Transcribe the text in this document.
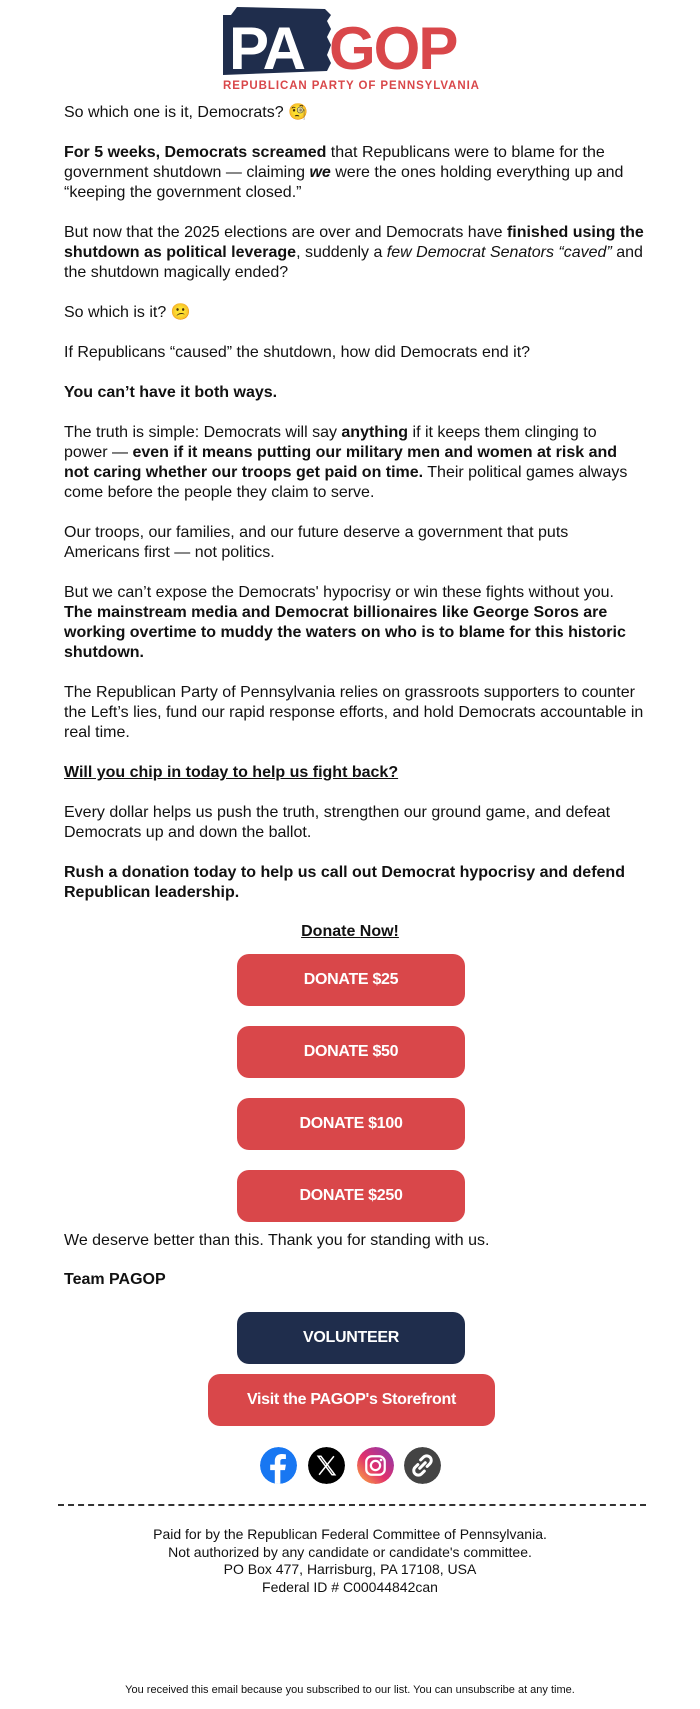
PA GOP
REPUBLICAN PARTY OF PENNSYLVANIA

So which one is it, Democrats? 🧐

For 5 weeks, Democrats screamed that Republicans were to blame for the government shutdown — claiming we were the ones holding everything up and “keeping the government closed.”

But now that the 2025 elections are over and Democrats have finished using the shutdown as political leverage, suddenly a few Democrat Senators “caved” and the shutdown magically ended?

So which is it? 😕

If Republicans “caused” the shutdown, how did Democrats end it?

You can’t have it both ways.

The truth is simple: Democrats will say anything if it keeps them clinging to power — even if it means putting our military men and women at risk and not caring whether our troops get paid on time. Their political games always come before the people they claim to serve.

Our troops, our families, and our future deserve a government that puts Americans first — not politics.

But we can’t expose the Democrats' hypocrisy or win these fights without you. The mainstream media and Democrat billionaires like George Soros are working overtime to muddy the waters on who is to blame for this historic shutdown.

The Republican Party of Pennsylvania relies on grassroots supporters to counter the Left’s lies, fund our rapid response efforts, and hold Democrats accountable in real time.

Will you chip in today to help us fight back?

Every dollar helps us push the truth, strengthen our ground game, and defeat Democrats up and down the ballot.

Rush a donation today to help us call out Democrat hypocrisy and defend Republican leadership.

Donate Now!
DONATE $25
DONATE $50
DONATE $100
DONATE $250
We deserve better than this. Thank you for standing with us.
Team PAGOP
VOLUNTEER
Visit the PAGOP's Storefront
Paid for by the Republican Federal Committee of Pennsylvania.
Not authorized by any candidate or candidate's committee.
PO Box 477, Harrisburg, PA 17108, USA
Federal ID # C00044842can
You received this email because you subscribed to our list. You can unsubscribe at any time.
